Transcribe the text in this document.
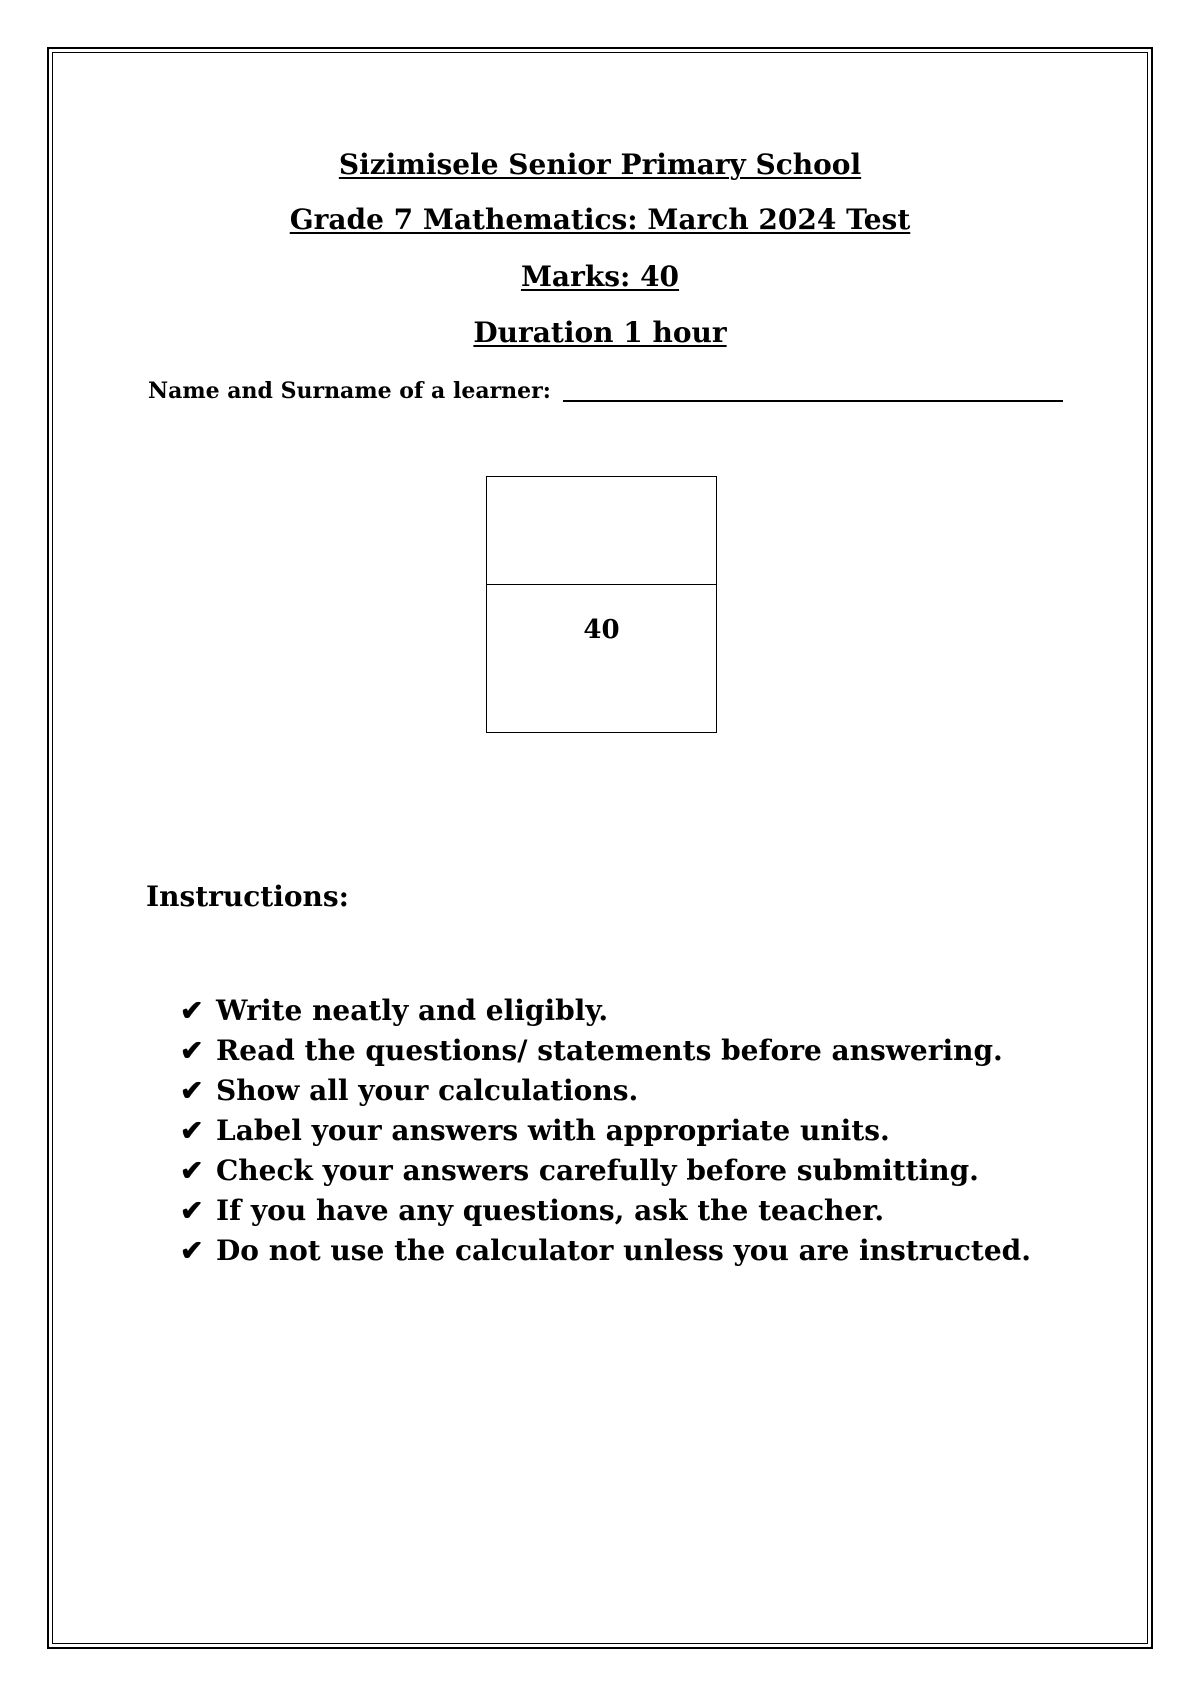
Sizimisele Senior Primary School
Grade 7 Mathematics: March 2024 Test
Marks: 40
Duration 1 hour
Name and Surname of a learner:
40
Instructions:
✔ Write neatly and eligibly.
✔ Read the questions/ statements before answering.
✔ Show all your calculations.
✔ Label your answers with appropriate units.
✔ Check your answers carefully before submitting.
✔ If you have any questions, ask the teacher.
✔ Do not use the calculator unless you are instructed.
